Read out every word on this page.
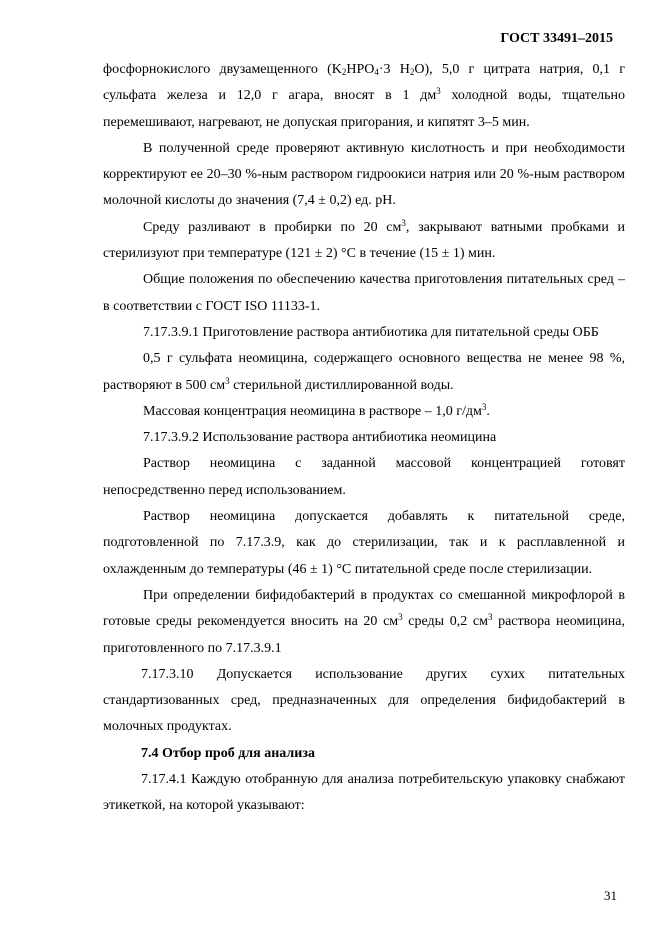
ГОСТ 33491–2015

фосфорнокислого двузамещенного ($K_2HPO_4\cdot 3$ $H_2O$), 5,0 г цитрата натрия, 0,1 г сульфата железа и 12,0 г агара, вносят в 1 $дм^3$ холодной воды, тщательно перемешивают, нагревают, не допуская пригорания, и кипятят 3–5 мин.

В полученной среде проверяют активную кислотность и при необходимости корректируют ее 20–30 %-ным раствором гидроокиси натрия или 20 %-ным раствором молочной кислоты до значения (7,4 ± 0,2) ед. рН.

Среду разливают в пробирки по 20 $см^3$, закрывают ватными пробками и стерилизуют при температуре (121 ± 2) °С в течение (15 ± 1) мин.

Общие положения по обеспечению качества приготовления питательных сред – в соответствии с ГОСТ ISO 11133-1.

7.17.3.9.1 Приготовление раствора антибиотика для питательной среды ОББ

0,5 г сульфата неомицина, содержащего основного вещества не менее 98 %, растворяют в 500 $см^3$ стерильной дистиллированной воды.

Массовая концентрация неомицина в растворе – 1,0 $г/дм^3$.

7.17.3.9.2 Использование раствора антибиотика неомицина

Раствор неомицина с заданной массовой концентрацией готовят непосредственно перед использованием.

Раствор неомицина допускается добавлять к питательной среде, подготовленной по 7.17.3.9, как до стерилизации, так и к расплавленной и охлажденным до температуры (46 ± 1) °С питательной среде после стерилизации.

При определении бифидобактерий в продуктах со смешанной микрофлорой в готовые среды рекомендуется вносить на 20 $см^3$ среды 0,2 $см^3$ раствора неомицина, приготовленного по 7.17.3.9.1

7.17.3.10 Допускается использование других сухих питательных стандартизованных сред, предназначенных для определения бифидобактерий в молочных продуктах.

7.4 Отбор проб для анализа

7.17.4.1 Каждую отобранную для анализа потребительскую упаковку снабжают этикеткой, на которой указывают:

31
